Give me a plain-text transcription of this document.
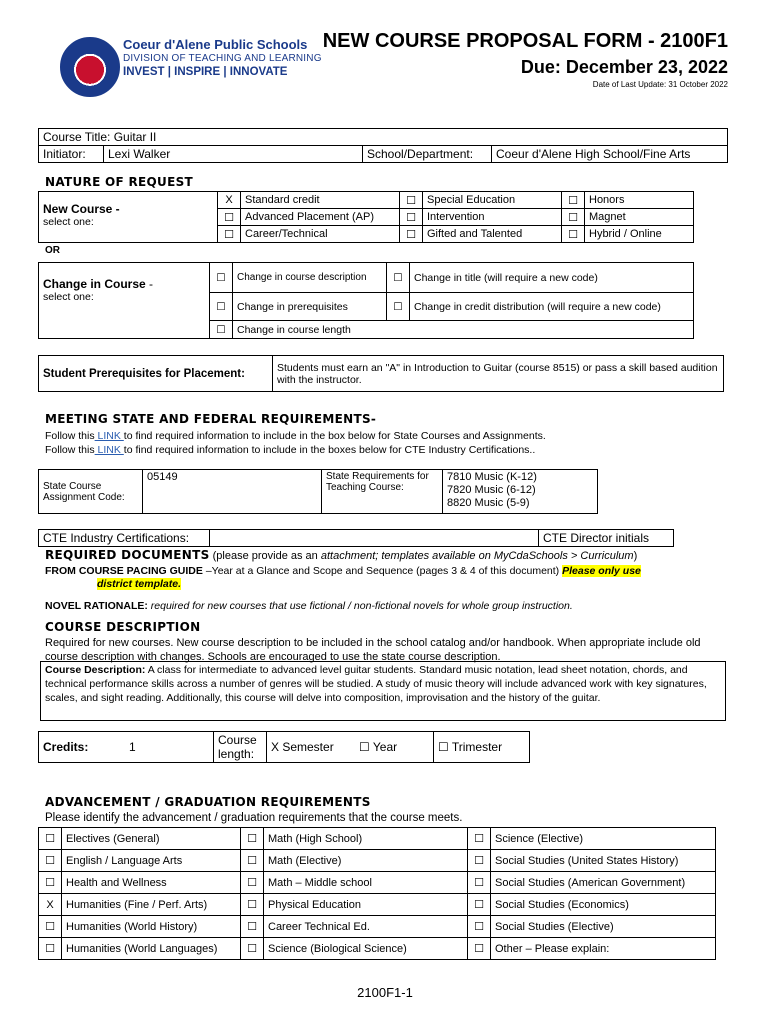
Coeur d'Alene Public Schools
DIVISION OF TEACHING AND LEARNING
INVEST | INSPIRE | INNOVATE
NEW COURSE PROPOSAL FORM - 2100F1
Due: December 23, 2022
Date of Last Update: 31 October 2022
Course Title: Guitar II
Initiator:	Lexi Walker	School/Department:	Coeur d'Alene High School/Fine Arts
NATURE OF REQUEST
New Course -
select one:	X	Standard credit	☐	Special Education	☐	Honors
	☐	Advanced Placement (AP)	☐	Intervention	☐	Magnet
	☐	Career/Technical	☐	Gifted and Talented	☐	Hybrid / Online
OR
Change in Course -
select one:	☐	Change in course description	☐	Change in title (will require a new code)
	☐	Change in prerequisites	☐	Change in credit distribution (will require a new code)
	☐	Change in course length		
Student Prerequisites for Placement:	Students must earn an "A" in Introduction to Guitar (course 8515) or pass a skill based audition with the instructor.
MEETING STATE AND FEDERAL REQUIREMENTS-
Follow this LINK to find required information to include in the box below for State Courses and Assignments.
Follow this LINK to find required information to include in the boxes below for CTE Industry Certifications..
State Course Assignment Code:	05149	State Requirements for Teaching Course:	
7810 Music (K-12)
7820 Music (6-12)
8820 Music (5-9)
CTE Industry Certifications:		CTE Director initials
REQUIRED DOCUMENTS (please provide as an attachment; templates available on MyCdaSchools > Curriculum)
FROM COURSE PACING GUIDE –Year at a Glance and Scope and Sequence (pages 3 & 4 of this document) Please only use
district template.
NOVEL RATIONALE: required for new courses that use fictional / non-fictional novels for whole group instruction.
COURSE DESCRIPTION
Required for new courses. New course description to be included in the school catalog and/or handbook. When appropriate include old course description with changes. Schools are encouraged to use the state course description.
Course Description: A class for intermediate to advanced level guitar students. Standard music notation, lead sheet notation, chords, and technical performance skills across a number of genres will be studied. A study of music theory will include advanced work with key signatures, scales, and sight reading. Additionally, this course will delve into composition, improvisation and the history of the guitar.
Credits:	1	Course length:	X Semester	☐ Year	☐ Trimester
ADVANCEMENT / GRADUATION REQUIREMENTS
Please identify the advancement / graduation requirements that the course meets.
☐	Electives (General)	☐	Math (High School)	☐	Science (Elective)
☐	English / Language Arts	☐	Math (Elective)	☐	Social Studies (United States History)
☐	Health and Wellness	☐	Math – Middle school	☐	Social Studies (American Government)
X	Humanities (Fine / Perf. Arts)	☐	Physical Education	☐	Social Studies (Economics)
☐	Humanities (World History)	☐	Career Technical Ed.	☐	Social Studies (Elective)
☐	Humanities (World Languages)	☐	Science (Biological Science)	☐	Other – Please explain:
2100F1-1
